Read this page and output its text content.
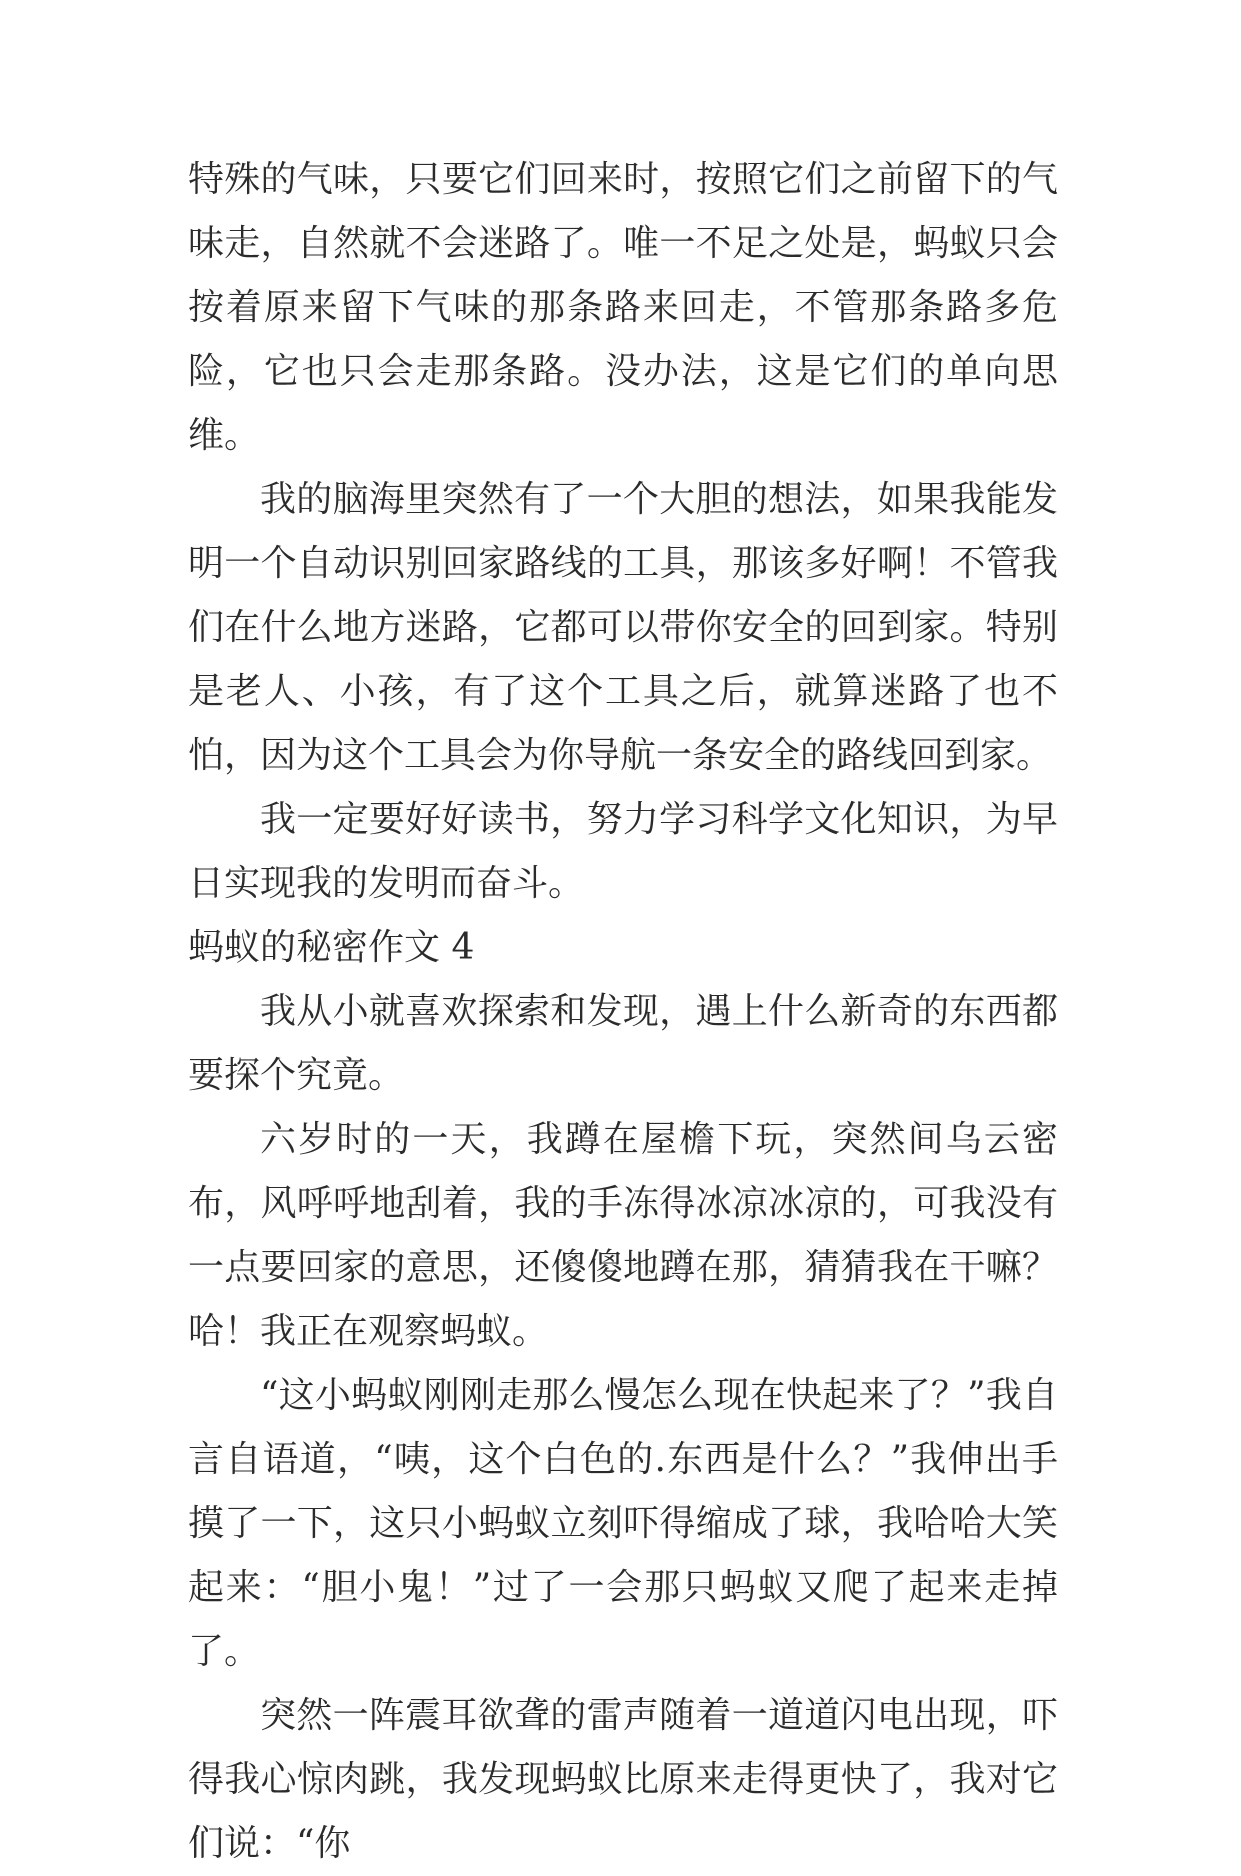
特殊的气味，只要它们回来时，按照它们之前留下的气味走，自然就不会迷路了。唯一不足之处是，蚂蚁只会按着原来留下气味的那条路来回走，不管那条路多危险，它也只会走那条路。没办法，这是它们的单向思维。

我的脑海里突然有了一个大胆的想法，如果我能发明一个自动识别回家路线的工具，那该多好啊！不管我们在什么地方迷路，它都可以带你安全的回到家。特别是老人、小孩，有了这个工具之后，就算迷路了也不怕，因为这个工具会为你导航一条安全的路线回到家。

我一定要好好读书，努力学习科学文化知识，为早日实现我的发明而奋斗。

蚂蚁的秘密作文 4

我从小就喜欢探索和发现，遇上什么新奇的东西都要探个究竟。

六岁时的一天，我蹲在屋檐下玩，突然间乌云密布，风呼呼地刮着，我的手冻得冰凉冰凉的，可我没有一点要回家的意思，还傻傻地蹲在那，猜猜我在干嘛？哈！我正在观察蚂蚁。

“这小蚂蚁刚刚走那么慢怎么现在快起来了？”我自言自语道，“咦，这个白色的.东西是什么？”我伸出手摸了一下，这只小蚂蚁立刻吓得缩成了球，我哈哈大笑起来：“胆小鬼！”过了一会那只蚂蚁又爬了起来走掉了。

突然一阵震耳欲聋的雷声随着一道道闪电出现，吓得我心惊肉跳，我发现蚂蚁比原来走得更快了，我对它们说：“你
